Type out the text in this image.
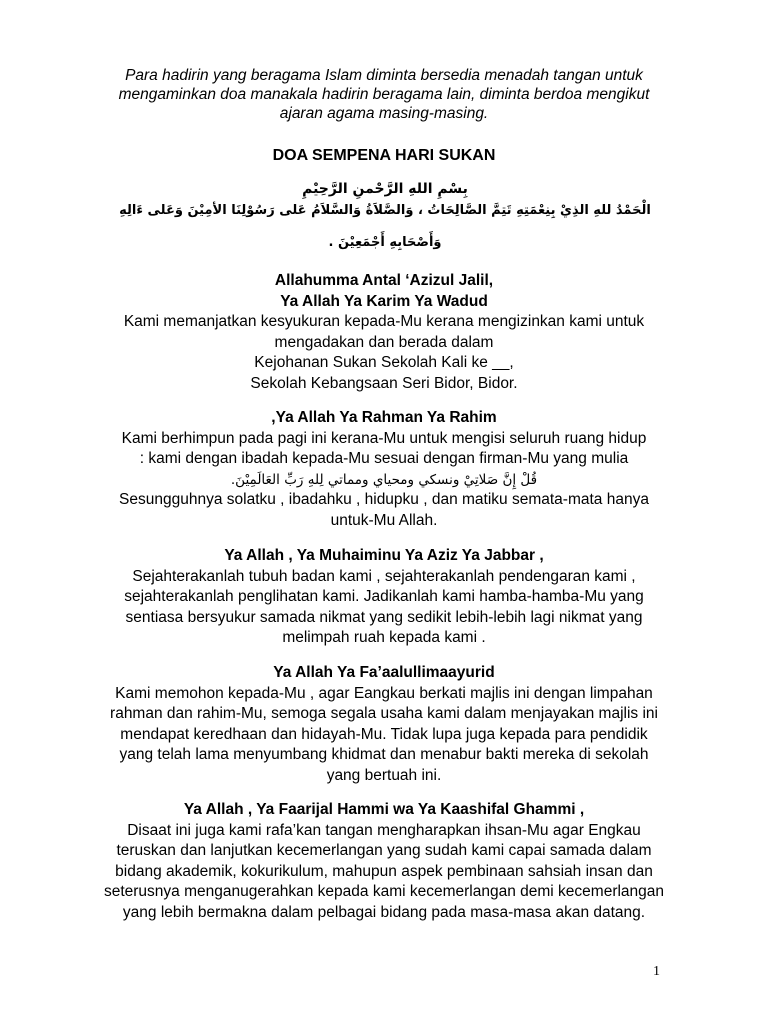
Para hadirin yang beragama Islam diminta bersedia menadah tangan untuk
mengaminkan doa manakala hadirin beragama lain, diminta berdoa mengikut
ajaran agama masing-masing.
DOA SEMPENA HARI SUKAN
بِسْمِ اللهِ الرَّحْمنِ الرَّحِيْمِ
الْحَمْدُ للهِ الذِيْ بِنِعْمَتِهِ تَتِمَّ الصَّالِحَاتُ ، وَالصَّلاَةُ وَالسَّلاَمُ عَلى رَسُوْلِنَا الأمِيْنَ وَعَلى ءَالِهِ
وَأَصْحَابِهِ أَجْمَعِيْنَ .
Allahumma Antal ‘Azizul Jalil,
Ya Allah Ya Karim Ya Wadud
Kami memanjatkan kesyukuran kepada-Mu kerana mengizinkan kami untuk
mengadakan dan berada dalam
Kejohanan Sukan Sekolah Kali ke __,
Sekolah Kebangsaan Seri Bidor, Bidor.
,Ya Allah Ya Rahman Ya Rahim
Kami berhimpun pada pagi ini kerana-Mu untuk mengisi seluruh ruang hidup
: kami dengan ibadah kepada-Mu sesuai dengan firman-Mu yang mulia
قُلْ إِنَّ صَلاتِيْ ونسكي ومحياي ومماتي لِلهِ رَبِّ العَالَمِيْنَ.
Sesungguhnya solatku , ibadahku , hidupku , dan matiku semata-mata hanya
untuk-Mu Allah.
Ya Allah , Ya Muhaiminu Ya Aziz Ya Jabbar ,
Sejahterakanlah tubuh badan kami , sejahterakanlah pendengaran kami ,
sejahterakanlah penglihatan kami. Jadikanlah kami hamba-hamba-Mu yang
sentiasa bersyukur samada nikmat yang sedikit lebih-lebih lagi nikmat yang
melimpah ruah kepada kami .
Ya Allah Ya Fa’aalullimaayurid
Kami memohon kepada-Mu , agar Eangkau berkati majlis ini dengan limpahan
rahman dan rahim-Mu, semoga segala usaha kami dalam menjayakan majlis ini
mendapat keredhaan dan hidayah-Mu. Tidak lupa juga kepada para pendidik
yang telah lama menyumbang khidmat dan menabur bakti mereka di sekolah
yang bertuah ini.
Ya Allah , Ya Faarijal Hammi wa Ya Kaashifal Ghammi ,
Disaat ini juga kami rafa’kan tangan mengharapkan ihsan-Mu agar Engkau
teruskan dan lanjutkan kecemerlangan yang sudah kami capai samada dalam
bidang akademik, kokurikulum, mahupun aspek pembinaan sahsiah insan dan
seterusnya menganugerahkan kepada kami kecemerlangan demi kecemerlangan
yang lebih bermakna dalam pelbagai bidang pada masa-masa akan datang.
1
